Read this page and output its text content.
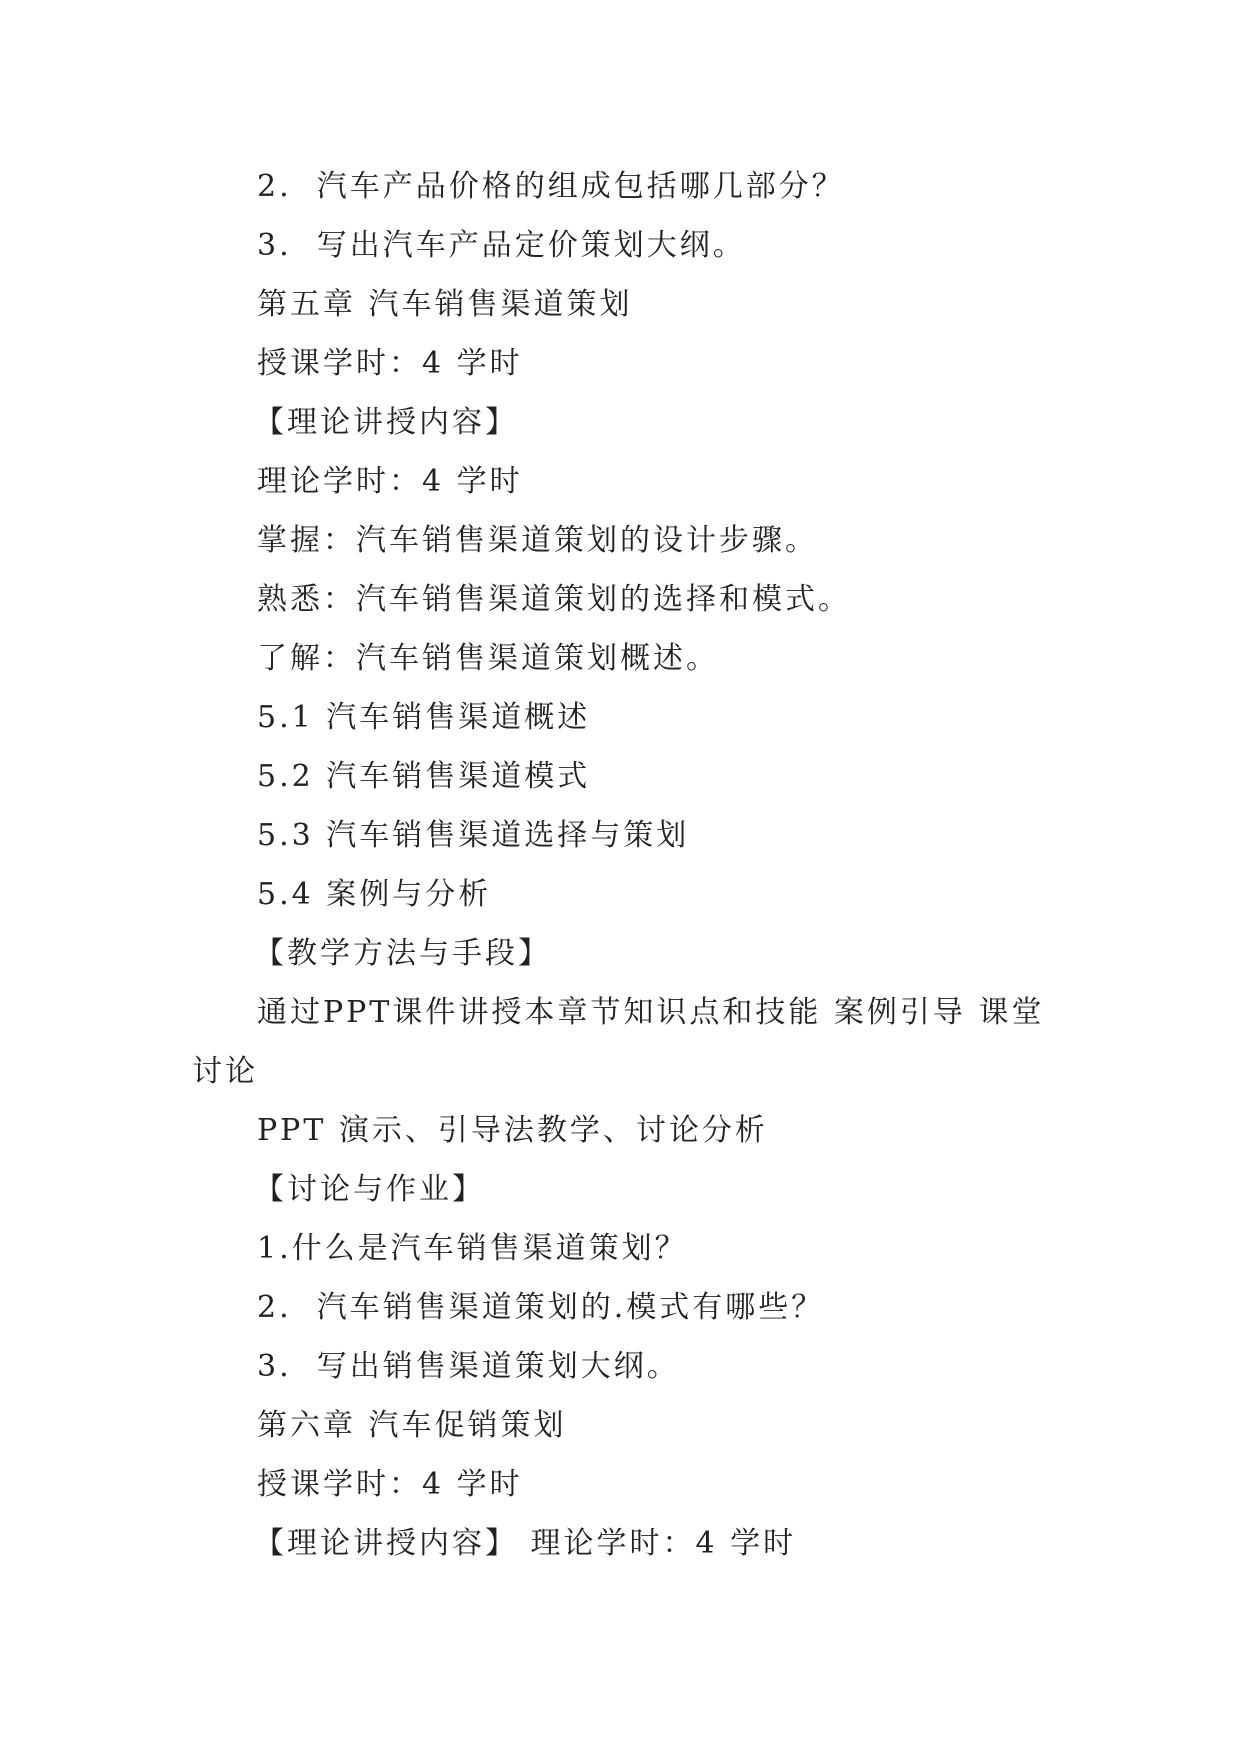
2.  汽车产品价格的组成包括哪几部分？
3.  写出汽车产品定价策划大纲。
第五章 汽车销售渠道策划
授课学时：4 学时
【理论讲授内容】
理论学时：4 学时
掌握：汽车销售渠道策划的设计步骤。
熟悉：汽车销售渠道策划的选择和模式。
了解：汽车销售渠道策划概述。
5.1 汽车销售渠道概述
5.2 汽车销售渠道模式
5.3 汽车销售渠道选择与策划
5.4 案例与分析
【教学方法与手段】
通过PPT课件讲授本章节知识点和技能 案例引导 课堂
讨论
PPT 演示、引导法教学、讨论分析
【讨论与作业】
1.什么是汽车销售渠道策划？
2.  汽车销售渠道策划的.模式有哪些？
3.  写出销售渠道策划大纲。
第六章 汽车促销策划
授课学时：4 学时
【理论讲授内容】 理论学时：4 学时
